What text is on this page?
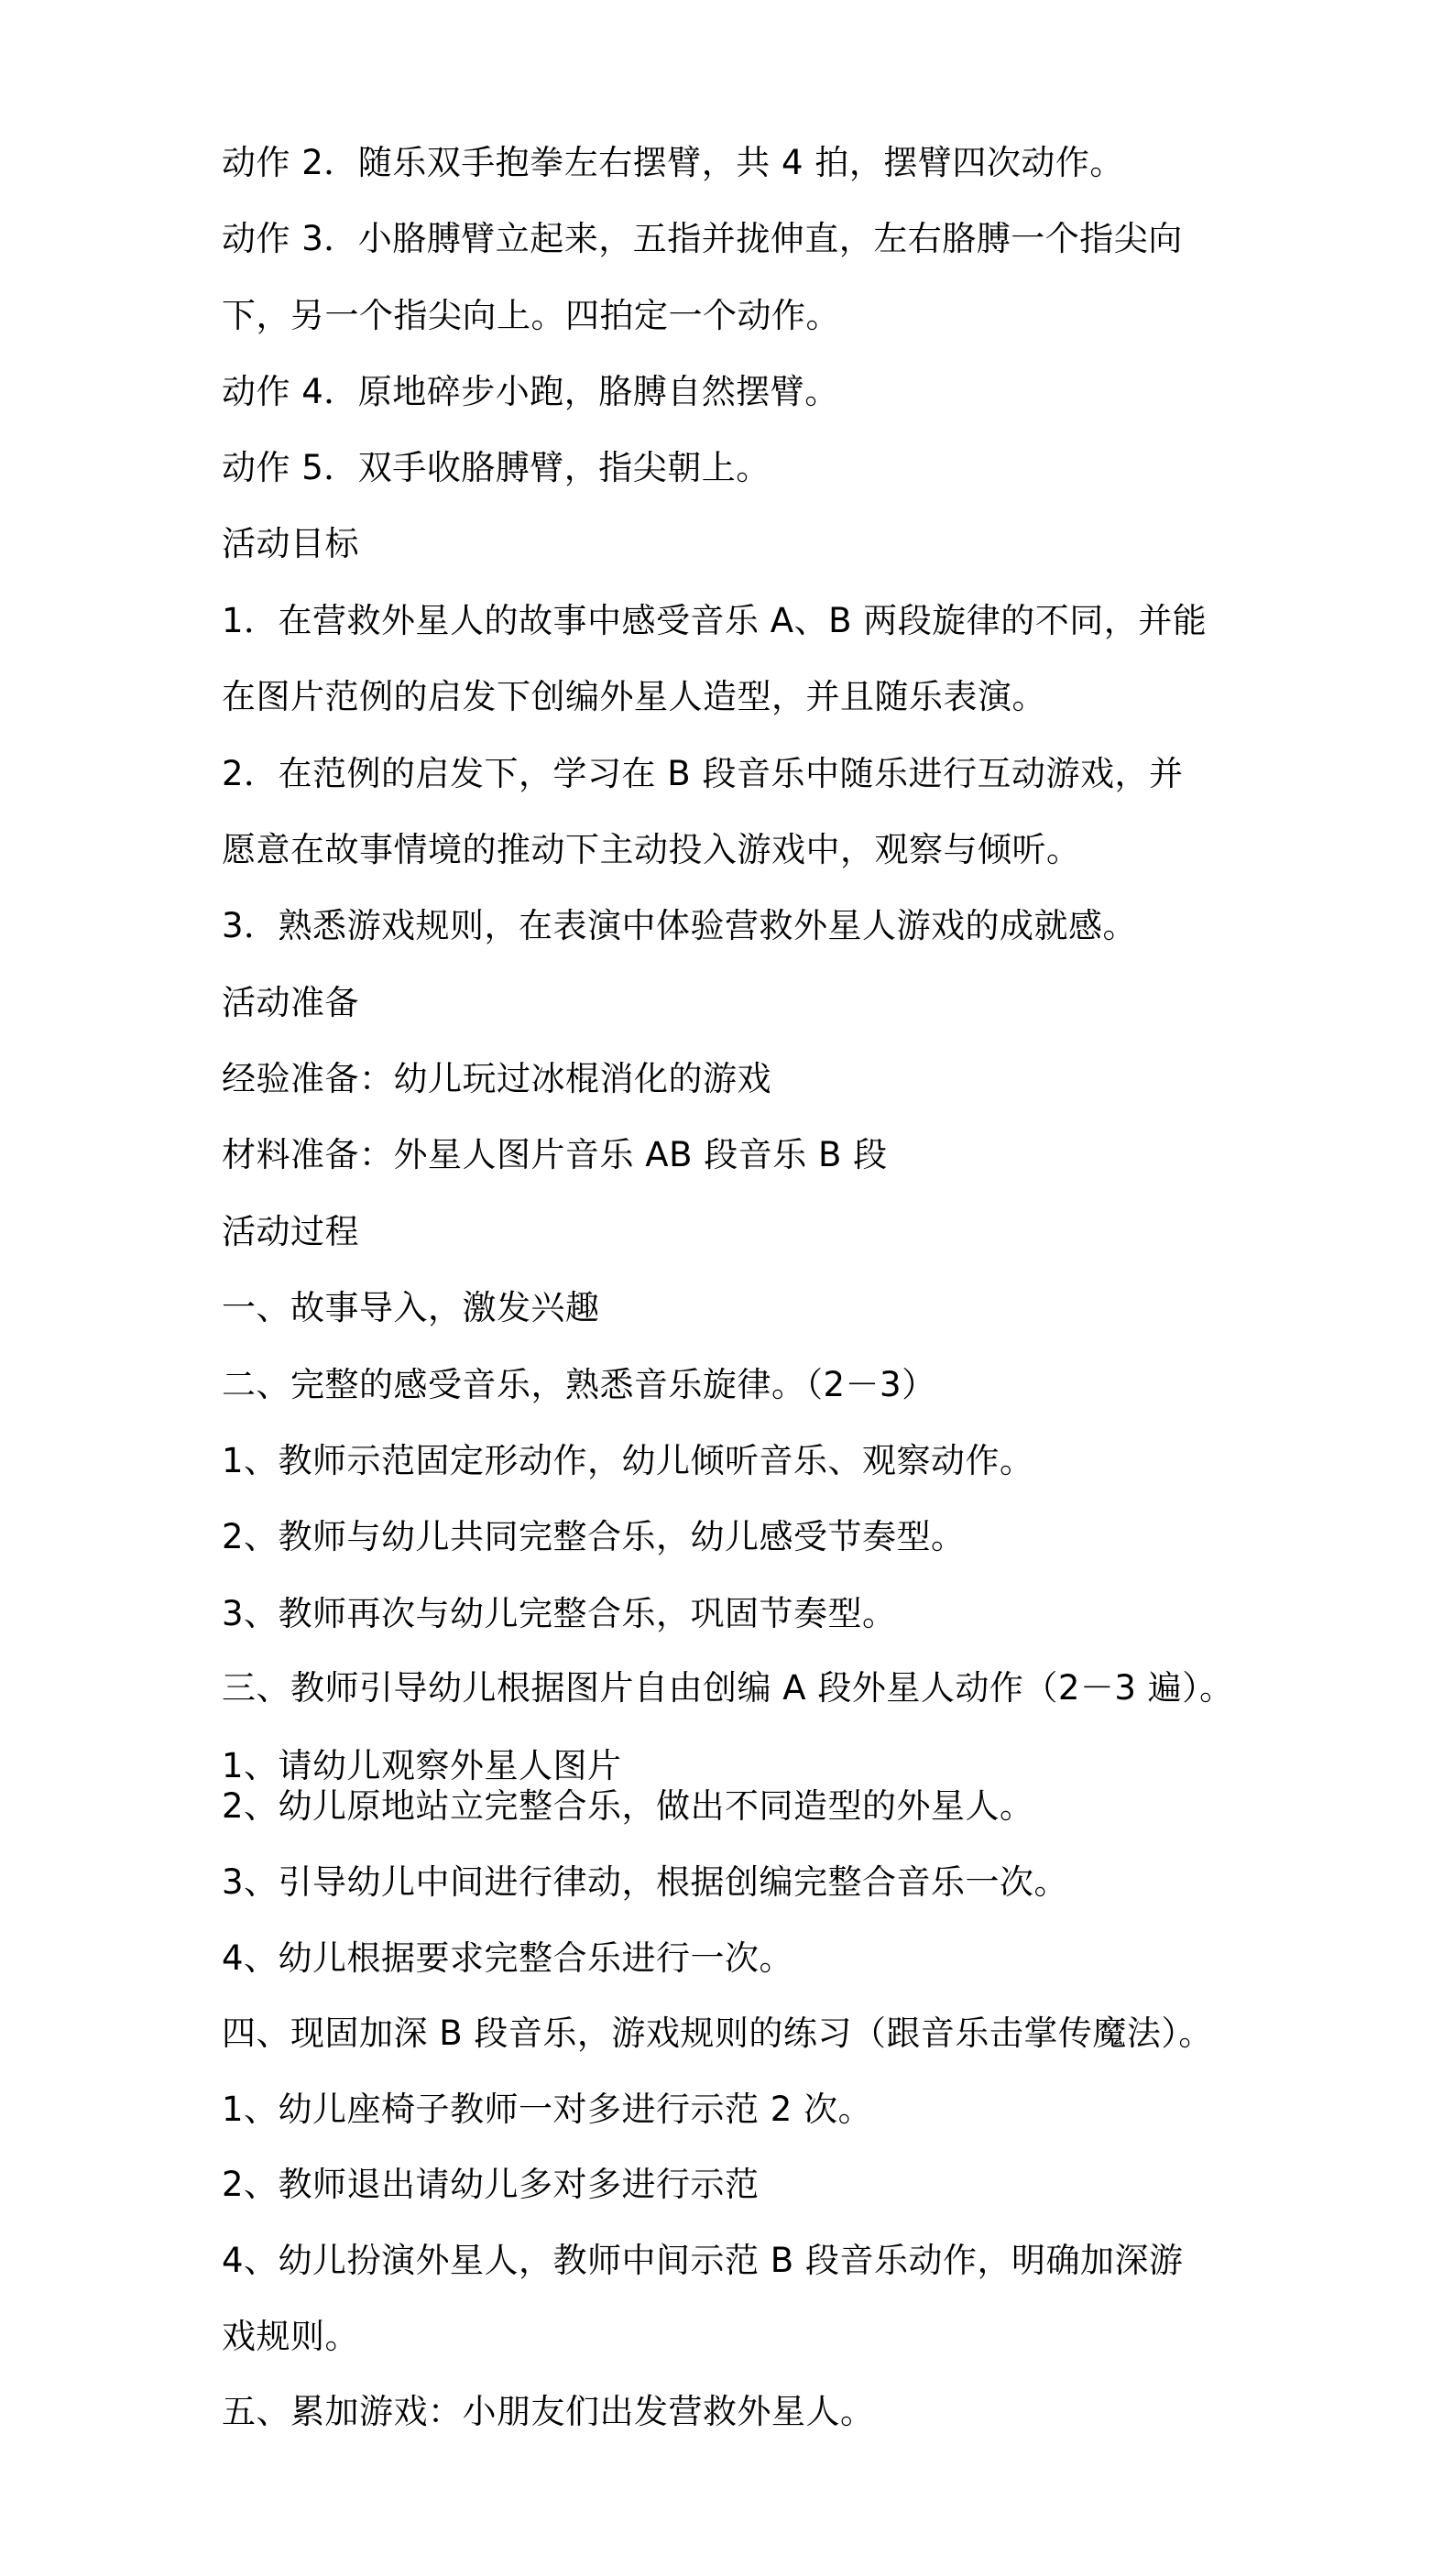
动作 2．随乐双手抱拳左右摆臂，共 4 拍，摆臂四次动作。
动作 3．小胳膊臂立起来，五指并拢伸直，左右胳膊一个指尖向
下，另一个指尖向上。四拍定一个动作。
动作 4．原地碎步小跑，胳膊自然摆臂。
动作 5．双手收胳膊臂，指尖朝上。
活动目标
1．在营救外星人的故事中感受音乐 A、B 两段旋律的不同，并能
在图片范例的启发下创编外星人造型，并且随乐表演。
2．在范例的启发下，学习在 B 段音乐中随乐进行互动游戏，并
愿意在故事情境的推动下主动投入游戏中，观察与倾听。
3．熟悉游戏规则，在表演中体验营救外星人游戏的成就感。
活动准备
经验准备：幼儿玩过冰棍消化的游戏
材料准备：外星人图片音乐 AB 段音乐 B 段
活动过程
一、故事导入，激发兴趣
二、完整的感受音乐，熟悉音乐旋律。（2－3）
1、教师示范固定形动作，幼儿倾听音乐、观察动作。
2、教师与幼儿共同完整合乐，幼儿感受节奏型。
3、教师再次与幼儿完整合乐，巩固节奏型。
三、教师引导幼儿根据图片自由创编 A 段外星人动作（2－3 遍）。
1、请幼儿观察外星人图片
2、幼儿原地站立完整合乐，做出不同造型的外星人。
3、引导幼儿中间进行律动，根据创编完整合音乐一次。
4、幼儿根据要求完整合乐进行一次。
四、现固加深 B 段音乐，游戏规则的练习（跟音乐击掌传魔法）。
1、幼儿座椅子教师一对多进行示范 2 次。
2、教师退出请幼儿多对多进行示范
4、幼儿扮演外星人，教师中间示范 B 段音乐动作，明确加深游
戏规则。
五、累加游戏：小朋友们出发营救外星人。
